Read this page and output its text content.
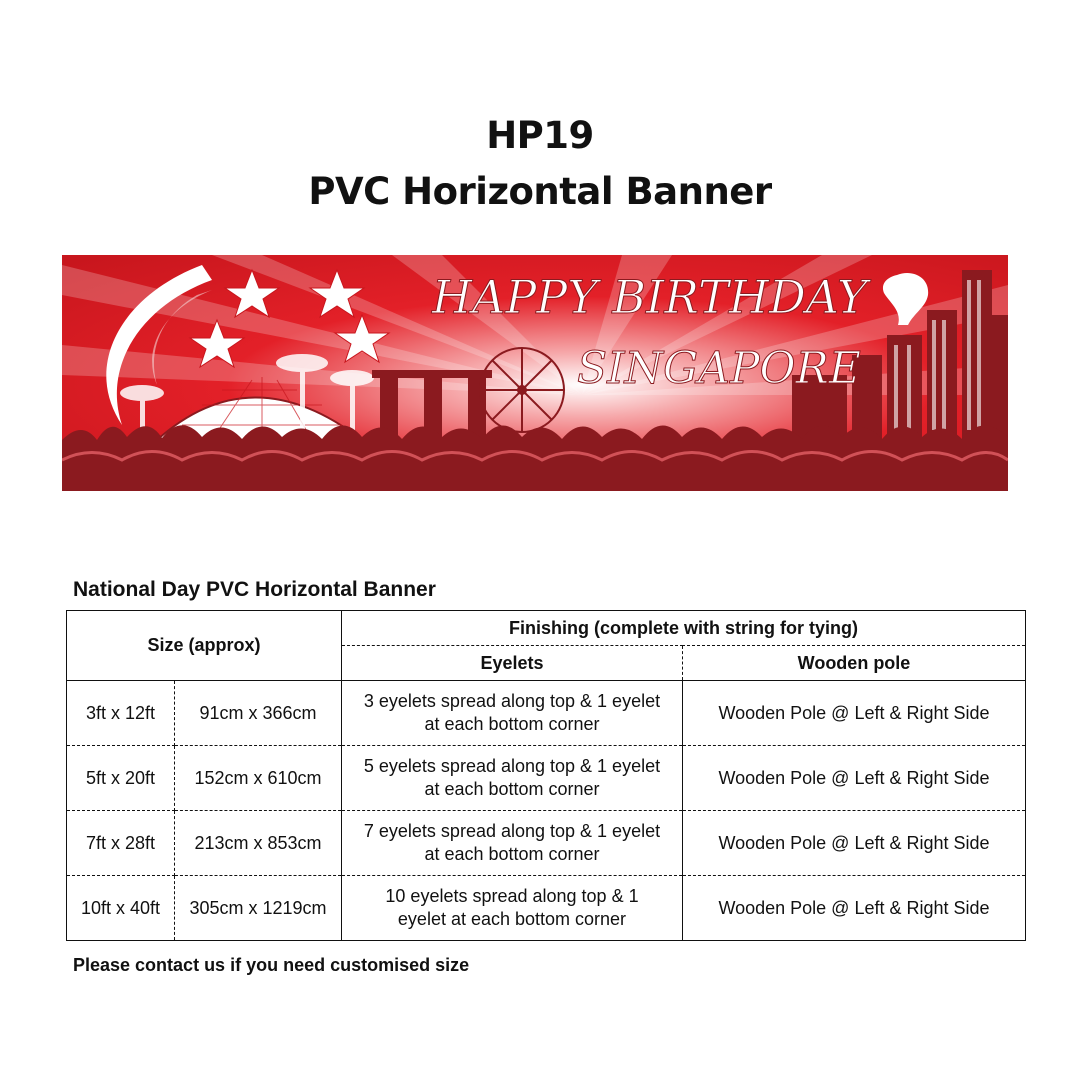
HP19
PVC Horizontal Banner
HAPPY BIRTHDAY
SINGAPORE
National Day PVC Horizontal Banner
Size (approx)		Finishing (complete with string for tying)	
		Eyelets	Wooden pole
3ft x 12ft	91cm x 366cm	3 eyelets spread along top & 1 eyelet
at each bottom corner	Wooden Pole @ Left & Right Side
5ft x 20ft	152cm x 610cm	5 eyelets spread along top & 1 eyelet
at each bottom corner	Wooden Pole @ Left & Right Side
7ft x 28ft	213cm x 853cm	7 eyelets spread along top & 1 eyelet
at each bottom corner	Wooden Pole @ Left & Right Side
10ft x 40ft	305cm x 1219cm	10 eyelets spread along top & 1
eyelet at each bottom corner	Wooden Pole @ Left & Right Side
Please contact us if you need customised size
